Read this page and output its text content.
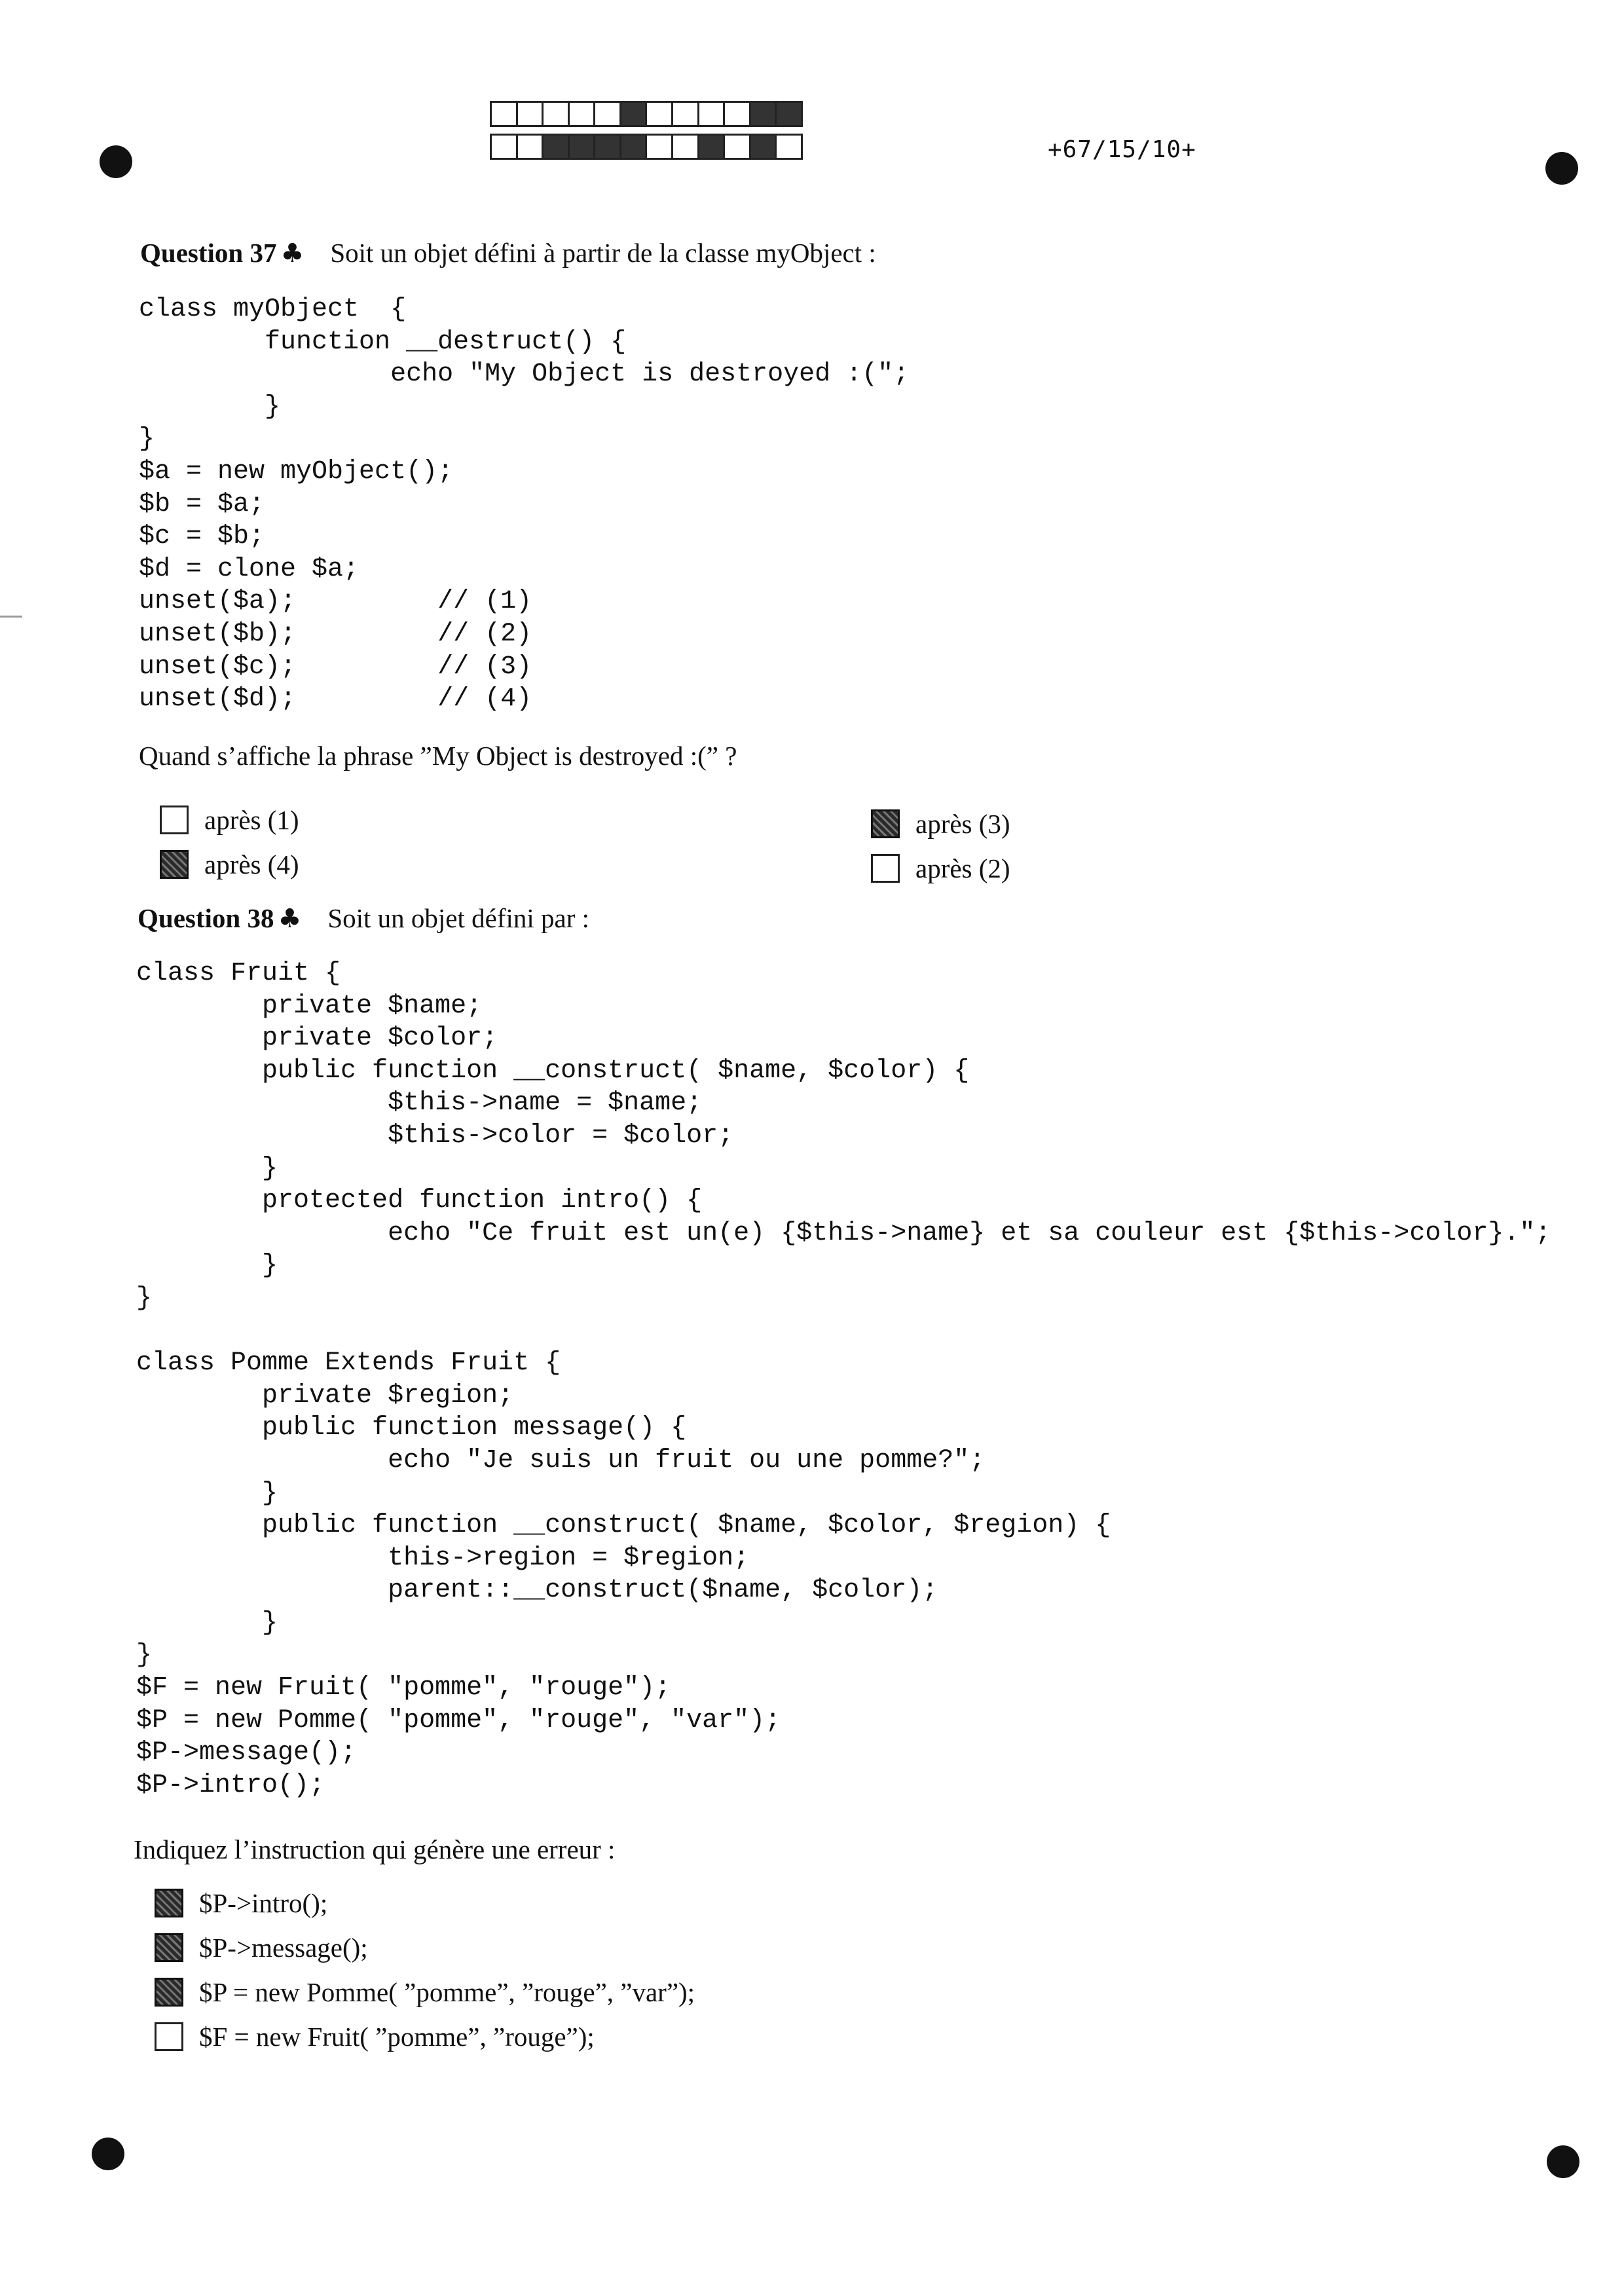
+67/15/10+
Question 37 ♣ Soit un objet défini à partir de la classe myObject :
class myObject  {
function __destruct() {
echo "My Object is destroyed :(";
}
}
$a = new myObject();
$b = $a;
$c = $b;
$d = clone $a;
unset($a);         // (1)
unset($b);         // (2)
unset($c);         // (3)
unset($d);         // (4)
Quand s’affiche la phrase ”My Object is destroyed :(” ?
après (1)
après (4)
après (3)
après (2)
Question 38 ♣ Soit un objet défini par :
class Fruit {
private $name;
private $color;
public function __construct( $name, $color) {
$this->name = $name;
$this->color = $color;
}
protected function intro() {
echo "Ce fruit est un(e) {$this->name} et sa couleur est {$this->color}.";
}
}

class Pomme Extends Fruit {
private $region;
public function message() {
echo "Je suis un fruit ou une pomme?";
}
public function __construct( $name, $color, $region) {
this->region = $region;
parent::__construct($name, $color);
}
}
$F = new Fruit( "pomme", "rouge");
$P = new Pomme( "pomme", "rouge", "var");
$P->message();
$P->intro();
Indiquez l’instruction qui génère une erreur :
$P->intro();
$P->message();
$P = new Pomme( ”pomme”, ”rouge”, ”var”);
$F = new Fruit( ”pomme”, ”rouge”);
